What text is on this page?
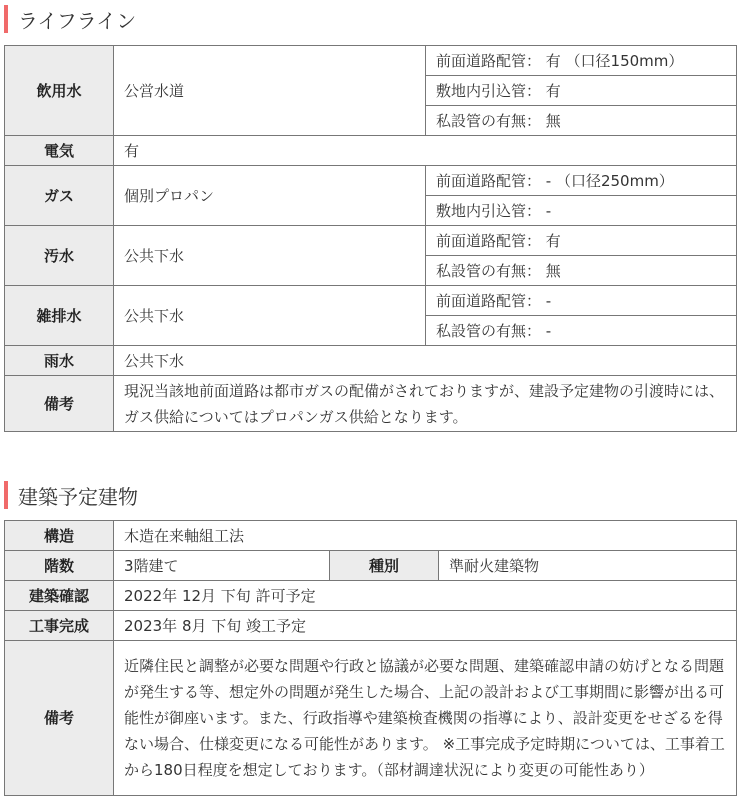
ライフライン
飲用水	公営水道	前面道路配管： 有 （口径150mm）
		敷地内引込管： 有
		私設管の有無： 無
電気	有	
ガス	個別プロパン	前面道路配管： - （口径250mm）
		敷地内引込管： -
汚水	公共下水	前面道路配管： 有
		私設管の有無： 無
雑排水	公共下水	前面道路配管： -
		私設管の有無： -
雨水	公共下水	
備考	現況当該地前面道路は都市ガスの配備がされておりますが、建設予定建物の引渡時には、ガス供給についてはプロパンガス供給となります。	
建築予定建物
構造	木造在来軸組工法		
階数	3階建て	種別	準耐火建築物
建築確認	2022年 12月 下旬 許可予定		
工事完成	2023年 8月 下旬 竣工予定		
備考	近隣住民と調整が必要な問題や行政と協議が必要な問題、建築確認申請の妨げとなる問題が発生する等、想定外の問題が発生した場合、上記の設計および工事期間に影響が出る可能性が御座います。また、行政指導や建築検査機関の指導により、設計変更をせざるを得ない場合、仕様変更になる可能性があります。 ※工事完成予定時期については、工事着工から180日程度を想定しております。（部材調達状況により変更の可能性あり）		
